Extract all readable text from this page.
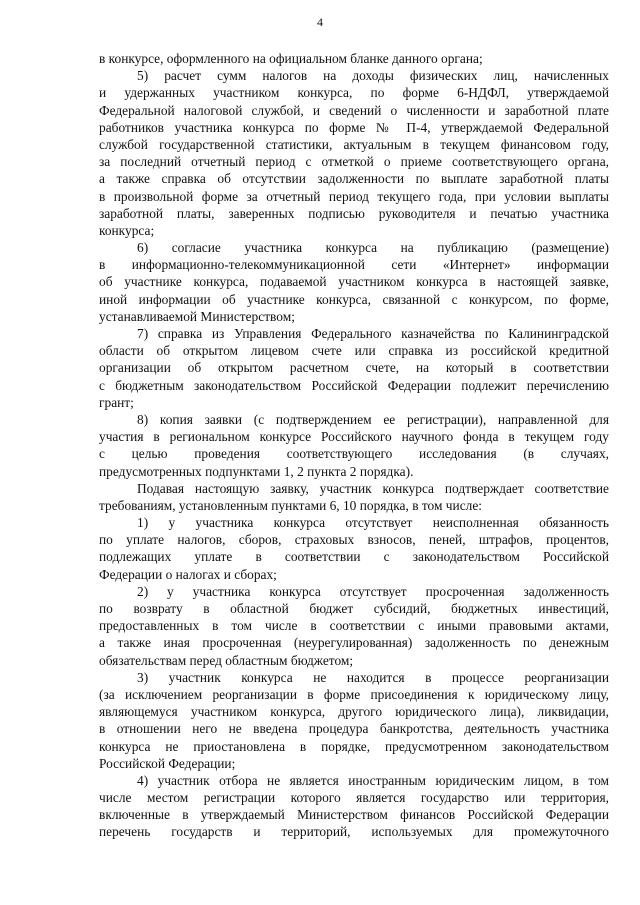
4
в конкурсе, оформленного на официальном бланке данного органа;
5) расчет сумм налогов на доходы физических лиц, начисленных
и удержанных участником конкурса, по форме 6-НДФЛ, утверждаемой
Федеральной налоговой службой, и сведений о численности и заработной плате
работников участника конкурса по форме № П-4, утверждаемой Федеральной
службой государственной статистики, актуальным в текущем финансовом году,
за последний отчетный период с отметкой о приеме соответствующего органа,
а также справка об отсутствии задолженности по выплате заработной платы
в произвольной форме за отчетный период текущего года, при условии выплаты
заработной платы, заверенных подписью руководителя и печатью участника
конкурса;
6) согласие участника конкурса на публикацию (размещение)
в информационно-телекоммуникационной сети «Интернет» информации
об участнике конкурса, подаваемой участником конкурса в настоящей заявке,
иной информации об участнике конкурса, связанной с конкурсом, по форме,
устанавливаемой Министерством;
7) справка из Управления Федерального казначейства по Калининградской
области об открытом лицевом счете или справка из российской кредитной
организации об открытом расчетном счете, на который в соответствии
с бюджетным законодательством Российской Федерации подлежит перечислению
грант;
8) копия заявки (с подтверждением ее регистрации), направленной для
участия в региональном конкурсе Российского научного фонда в текущем году
с целью проведения соответствующего исследования (в случаях,
предусмотренных подпунктами 1, 2 пункта 2 порядка).
Подавая настоящую заявку, участник конкурса подтверждает соответствие
требованиям, установленным пунктами 6, 10 порядка, в том числе:
1) у участника конкурса отсутствует неисполненная обязанность
по уплате налогов, сборов, страховых взносов, пеней, штрафов, процентов,
подлежащих уплате в соответствии с законодательством Российской
Федерации о налогах и сборах;
2) у участника конкурса отсутствует просроченная задолженность
по возврату в областной бюджет субсидий, бюджетных инвестиций,
предоставленных в том числе в соответствии с иными правовыми актами,
а также иная просроченная (неурегулированная) задолженность по денежным
обязательствам перед областным бюджетом;
3) участник конкурса не находится в процессе реорганизации
(за исключением реорганизации в форме присоединения к юридическому лицу,
являющемуся участником конкурса, другого юридического лица), ликвидации,
в отношении него не введена процедура банкротства, деятельность участника
конкурса не приостановлена в порядке, предусмотренном законодательством
Российской Федерации;
4) участник отбора не является иностранным юридическим лицом, в том
числе местом регистрации которого является государство или территория,
включенные в утверждаемый Министерством финансов Российской Федерации
перечень государств и территорий, используемых для промежуточного
